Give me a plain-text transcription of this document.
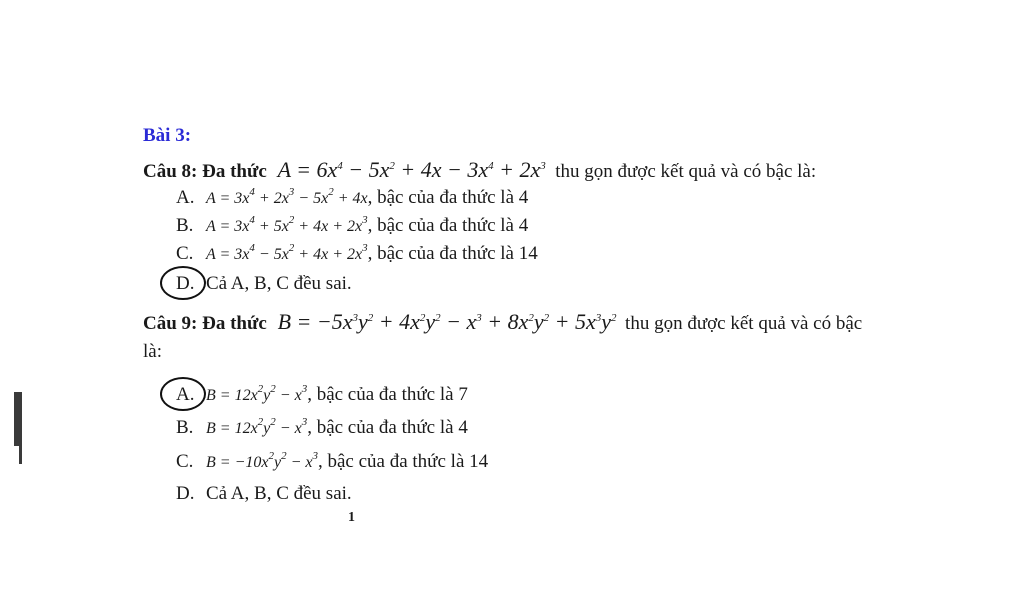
Bài 3:
Câu 8: Đa thức $A = 6x^4 - 5x^2 + 4x - 3x^4 + 2x^3$ thu gọn được kết quả và có bậc là:
A. $A = 3x^4 + 2x^3 - 5x^2 + 4x$, bậc của đa thức là 4
B. $A = 3x^4 + 5x^2 + 4x + 2x^3$, bậc của đa thức là 4
C. $A = 3x^4 - 5x^2 + 4x + 2x^3$, bậc của đa thức là 14
D. Cả A, B, C đều sai.
Câu 9: Đa thức $B = -5x^3y^2 + 4x^2y^2 - x^3 + 8x^2y^2 + 5x^3y^2$ thu gọn được kết quả và có bậc
là:
A. $B = 12x^2y^2 - x^3$, bậc của đa thức là 7
B. $B = 12x^2y^2 - x^3$, bậc của đa thức là 4
C. $B = -10x^2y^2 - x^3$, bậc của đa thức là 14
D. Cả A, B, C đều sai.
1
